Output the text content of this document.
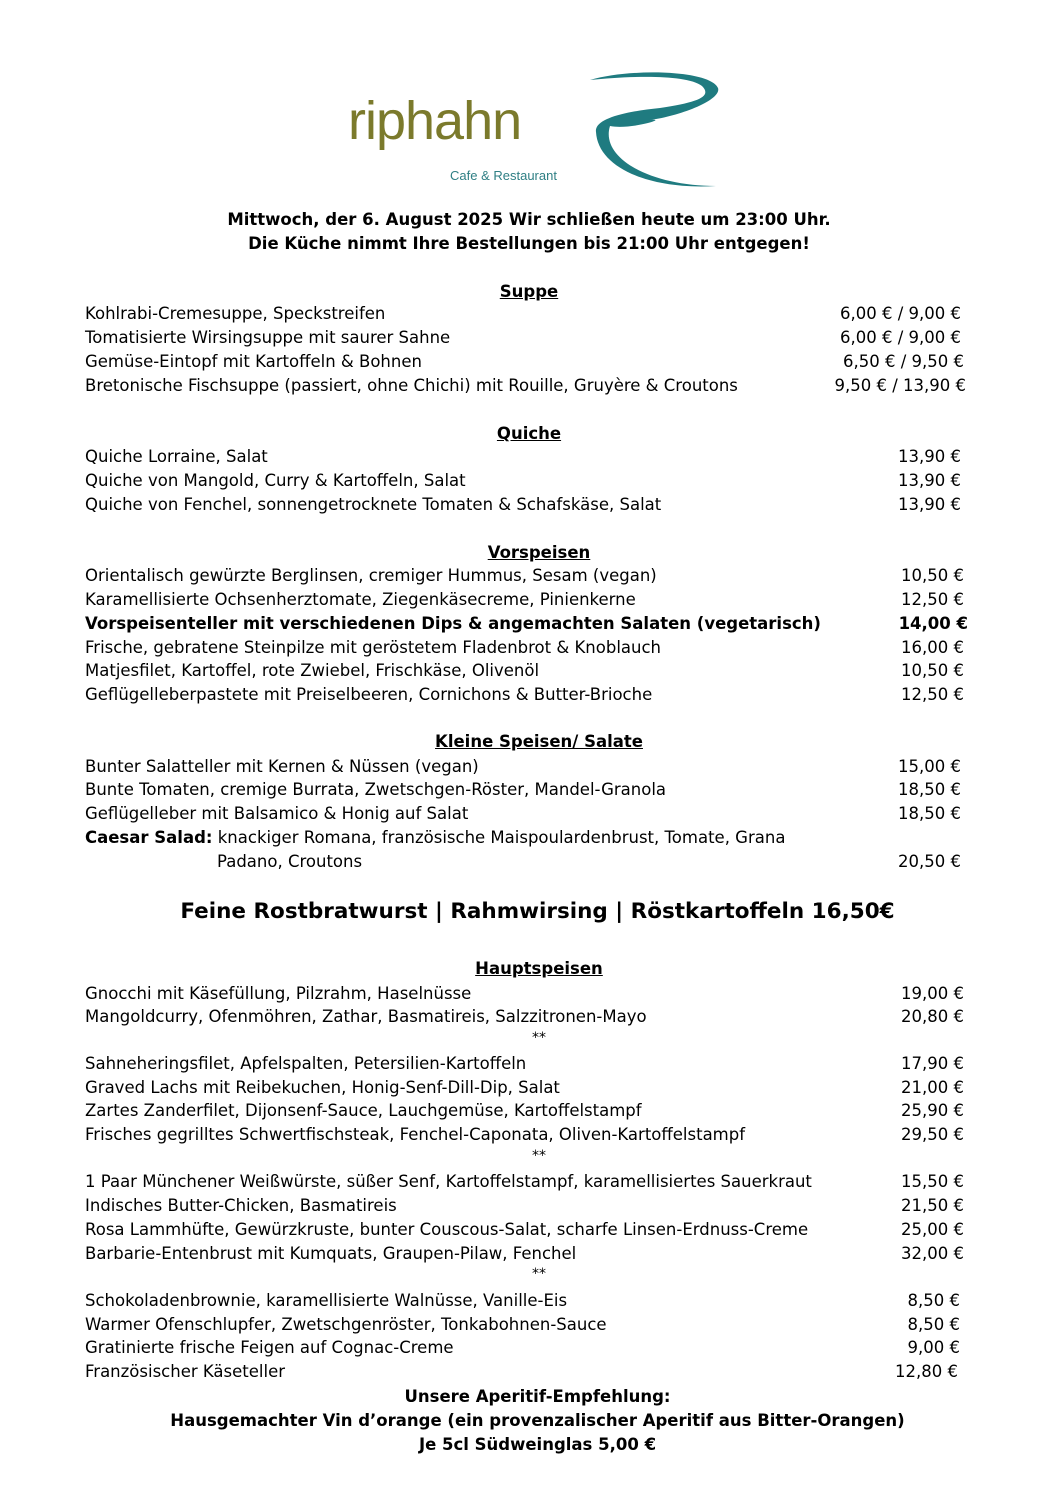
riphahn
Cafe & Restaurant
Mittwoch, der 6. August 2025 Wir schließen heute um 23:00 Uhr.
Die Küche nimmt Ihre Bestellungen bis 21:00 Uhr entgegen!
Suppe
Kohlrabi-Cremesuppe, Speckstreifen	6,00 € / 9,00 €
Tomatisierte Wirsingsuppe mit saurer Sahne	6,00 € / 9,00 €
Gemüse-Eintopf mit Kartoffeln & Bohnen	6,50 € / 9,50 €
Bretonische Fischsuppe (passiert, ohne Chichi) mit Rouille, Gruyère & Croutons	9,50 € / 13,90 €
Quiche
Quiche Lorraine, Salat	13,90 €
Quiche von Mangold, Curry & Kartoffeln, Salat	13,90 €
Quiche von Fenchel, sonnengetrocknete Tomaten & Schafskäse, Salat	13,90 €
Vorspeisen
Orientalisch gewürzte Berglinsen, cremiger Hummus, Sesam (vegan)	10,50 €
Karamellisierte Ochsenherztomate, Ziegenkäsecreme, Pinienkerne	12,50 €
Vorspeisenteller mit verschiedenen Dips & angemachten Salaten (vegetarisch)	14,00 €
Frische, gebratene Steinpilze mit geröstetem Fladenbrot & Knoblauch	16,00 €
Matjesfilet, Kartoffel, rote Zwiebel, Frischkäse, Olivenöl	10,50 €
Geflügelleberpastete mit Preiselbeeren, Cornichons & Butter-Brioche	12,50 €
Kleine Speisen/ Salate
Bunter Salatteller mit Kernen & Nüssen (vegan)	15,00 €
Bunte Tomaten, cremige Burrata, Zwetschgen-Röster, Mandel-Granola	18,50 €
Geflügelleber mit Balsamico & Honig auf Salat	18,50 €
Caesar Salad: knackiger Romana, französische Maispoulardenbrust, Tomate, Grana
Padano, Croutons	20,50 €
Feine Rostbratwurst | Rahmwirsing | Röstkartoffeln 16,50€
Hauptspeisen
Gnocchi mit Käsefüllung, Pilzrahm, Haselnüsse	19,00 €
Mangoldcurry, Ofenmöhren, Zathar, Basmatireis, Salzzitronen-Mayo	20,80 €
**
Sahneheringsfilet, Apfelspalten, Petersilien-Kartoffeln	17,90 €
Graved Lachs mit Reibekuchen, Honig-Senf-Dill-Dip, Salat	21,00 €
Zartes Zanderfilet, Dijonsenf-Sauce, Lauchgemüse, Kartoffelstampf	25,90 €
Frisches gegrilltes Schwertfischsteak, Fenchel-Caponata, Oliven-Kartoffelstampf	29,50 €
**
1 Paar Münchener Weißwürste, süßer Senf, Kartoffelstampf, karamellisiertes Sauerkraut	15,50 €
Indisches Butter-Chicken, Basmatireis	21,50 €
Rosa Lammhüfte, Gewürzkruste, bunter Couscous-Salat, scharfe Linsen-Erdnuss-Creme	25,00 €
Barbarie-Entenbrust mit Kumquats, Graupen-Pilaw, Fenchel	32,00 €
**
Schokoladenbrownie, karamellisierte Walnüsse, Vanille-Eis	8,50 €
Warmer Ofenschlupfer, Zwetschgenröster, Tonkabohnen-Sauce	8,50 €
Gratinierte frische Feigen auf Cognac-Creme	9,00 €
Französischer Käseteller	12,80 €
Unsere Aperitif-Empfehlung:
Hausgemachter Vin d’orange (ein provenzalischer Aperitif aus Bitter-Orangen)
Je 5cl Südweinglas 5,00 €
